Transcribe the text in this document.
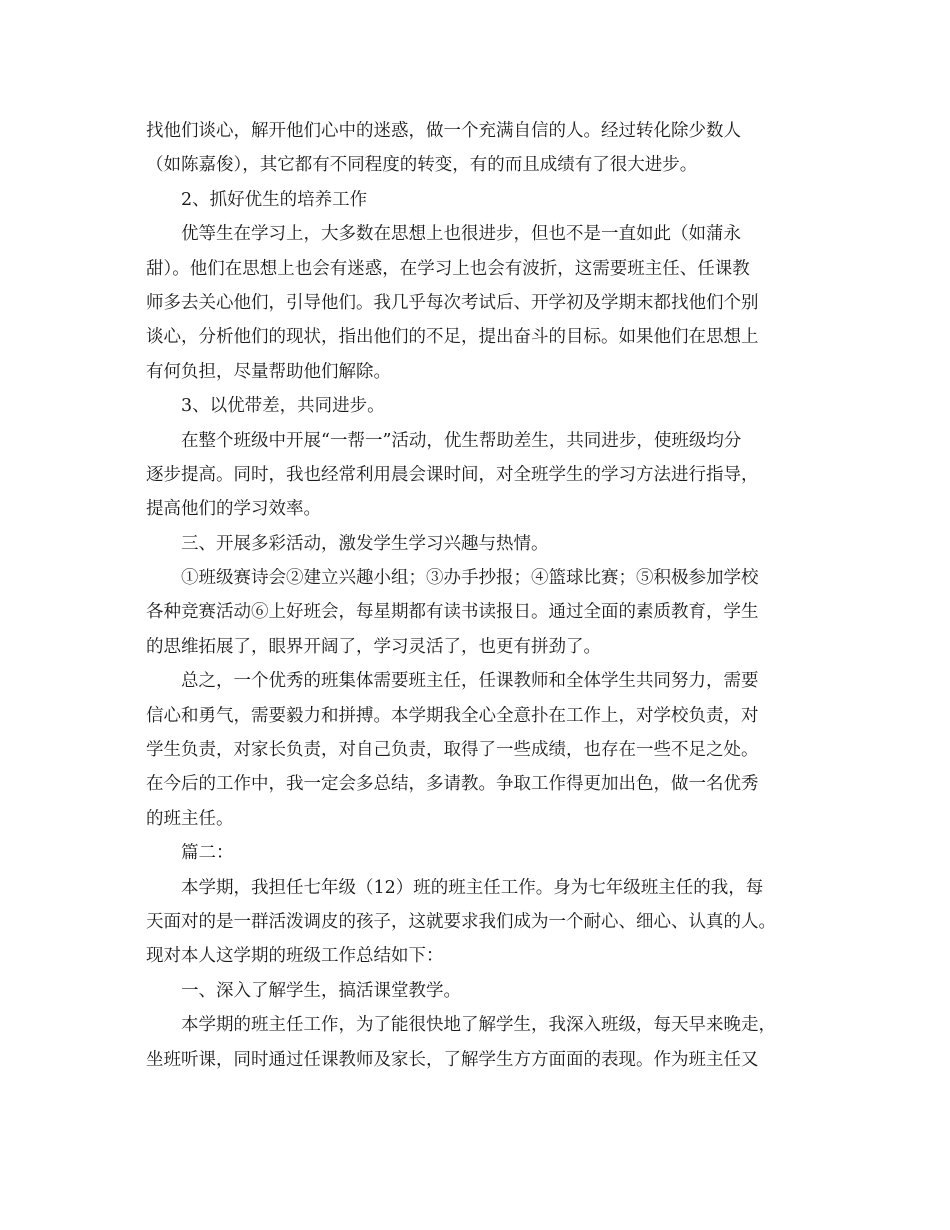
找他们谈心，解开他们心中的迷惑，做一个充满自信的人。经过转化除少数人
（如陈嘉俊），其它都有不同程度的转变，有的而且成绩有了很大进步。
2、抓好优生的培养工作
优等生在学习上，大多数在思想上也很进步，但也不是一直如此（如蒲永
甜）。他们在思想上也会有迷惑，在学习上也会有波折，这需要班主任、任课教
师多去关心他们，引导他们。我几乎每次考试后、开学初及学期末都找他们个别
谈心，分析他们的现状，指出他们的不足，提出奋斗的目标。如果他们在思想上
有何负担，尽量帮助他们解除。
3、以优带差，共同进步。
在整个班级中开展“一帮一”活动，优生帮助差生，共同进步，使班级均分
逐步提高。同时，我也经常利用晨会课时间，对全班学生的学习方法进行指导，
提高他们的学习效率。
三、开展多彩活动，激发学生学习兴趣与热情。
①班级赛诗会②建立兴趣小组；③办手抄报；④篮球比赛；⑤积极参加学校
各种竞赛活动⑥上好班会，每星期都有读书读报日。通过全面的素质教育，学生
的思维拓展了，眼界开阔了，学习灵活了，也更有拼劲了。
总之，一个优秀的班集体需要班主任，任课教师和全体学生共同努力，需要
信心和勇气，需要毅力和拼搏。本学期我全心全意扑在工作上，对学校负责，对
学生负责，对家长负责，对自己负责，取得了一些成绩，也存在一些不足之处。
在今后的工作中，我一定会多总结，多请教。争取工作得更加出色，做一名优秀
的班主任。
篇二：
本学期，我担任七年级（12）班的班主任工作。身为七年级班主任的我，每
天面对的是一群活泼调皮的孩子，这就要求我们成为一个耐心、细心、认真的人。
现对本人这学期的班级工作总结如下：
一、深入了解学生，搞活课堂教学。
本学期的班主任工作，为了能很快地了解学生，我深入班级，每天早来晚走，
坐班听课，同时通过任课教师及家长，了解学生方方面面的表现。作为班主任又
